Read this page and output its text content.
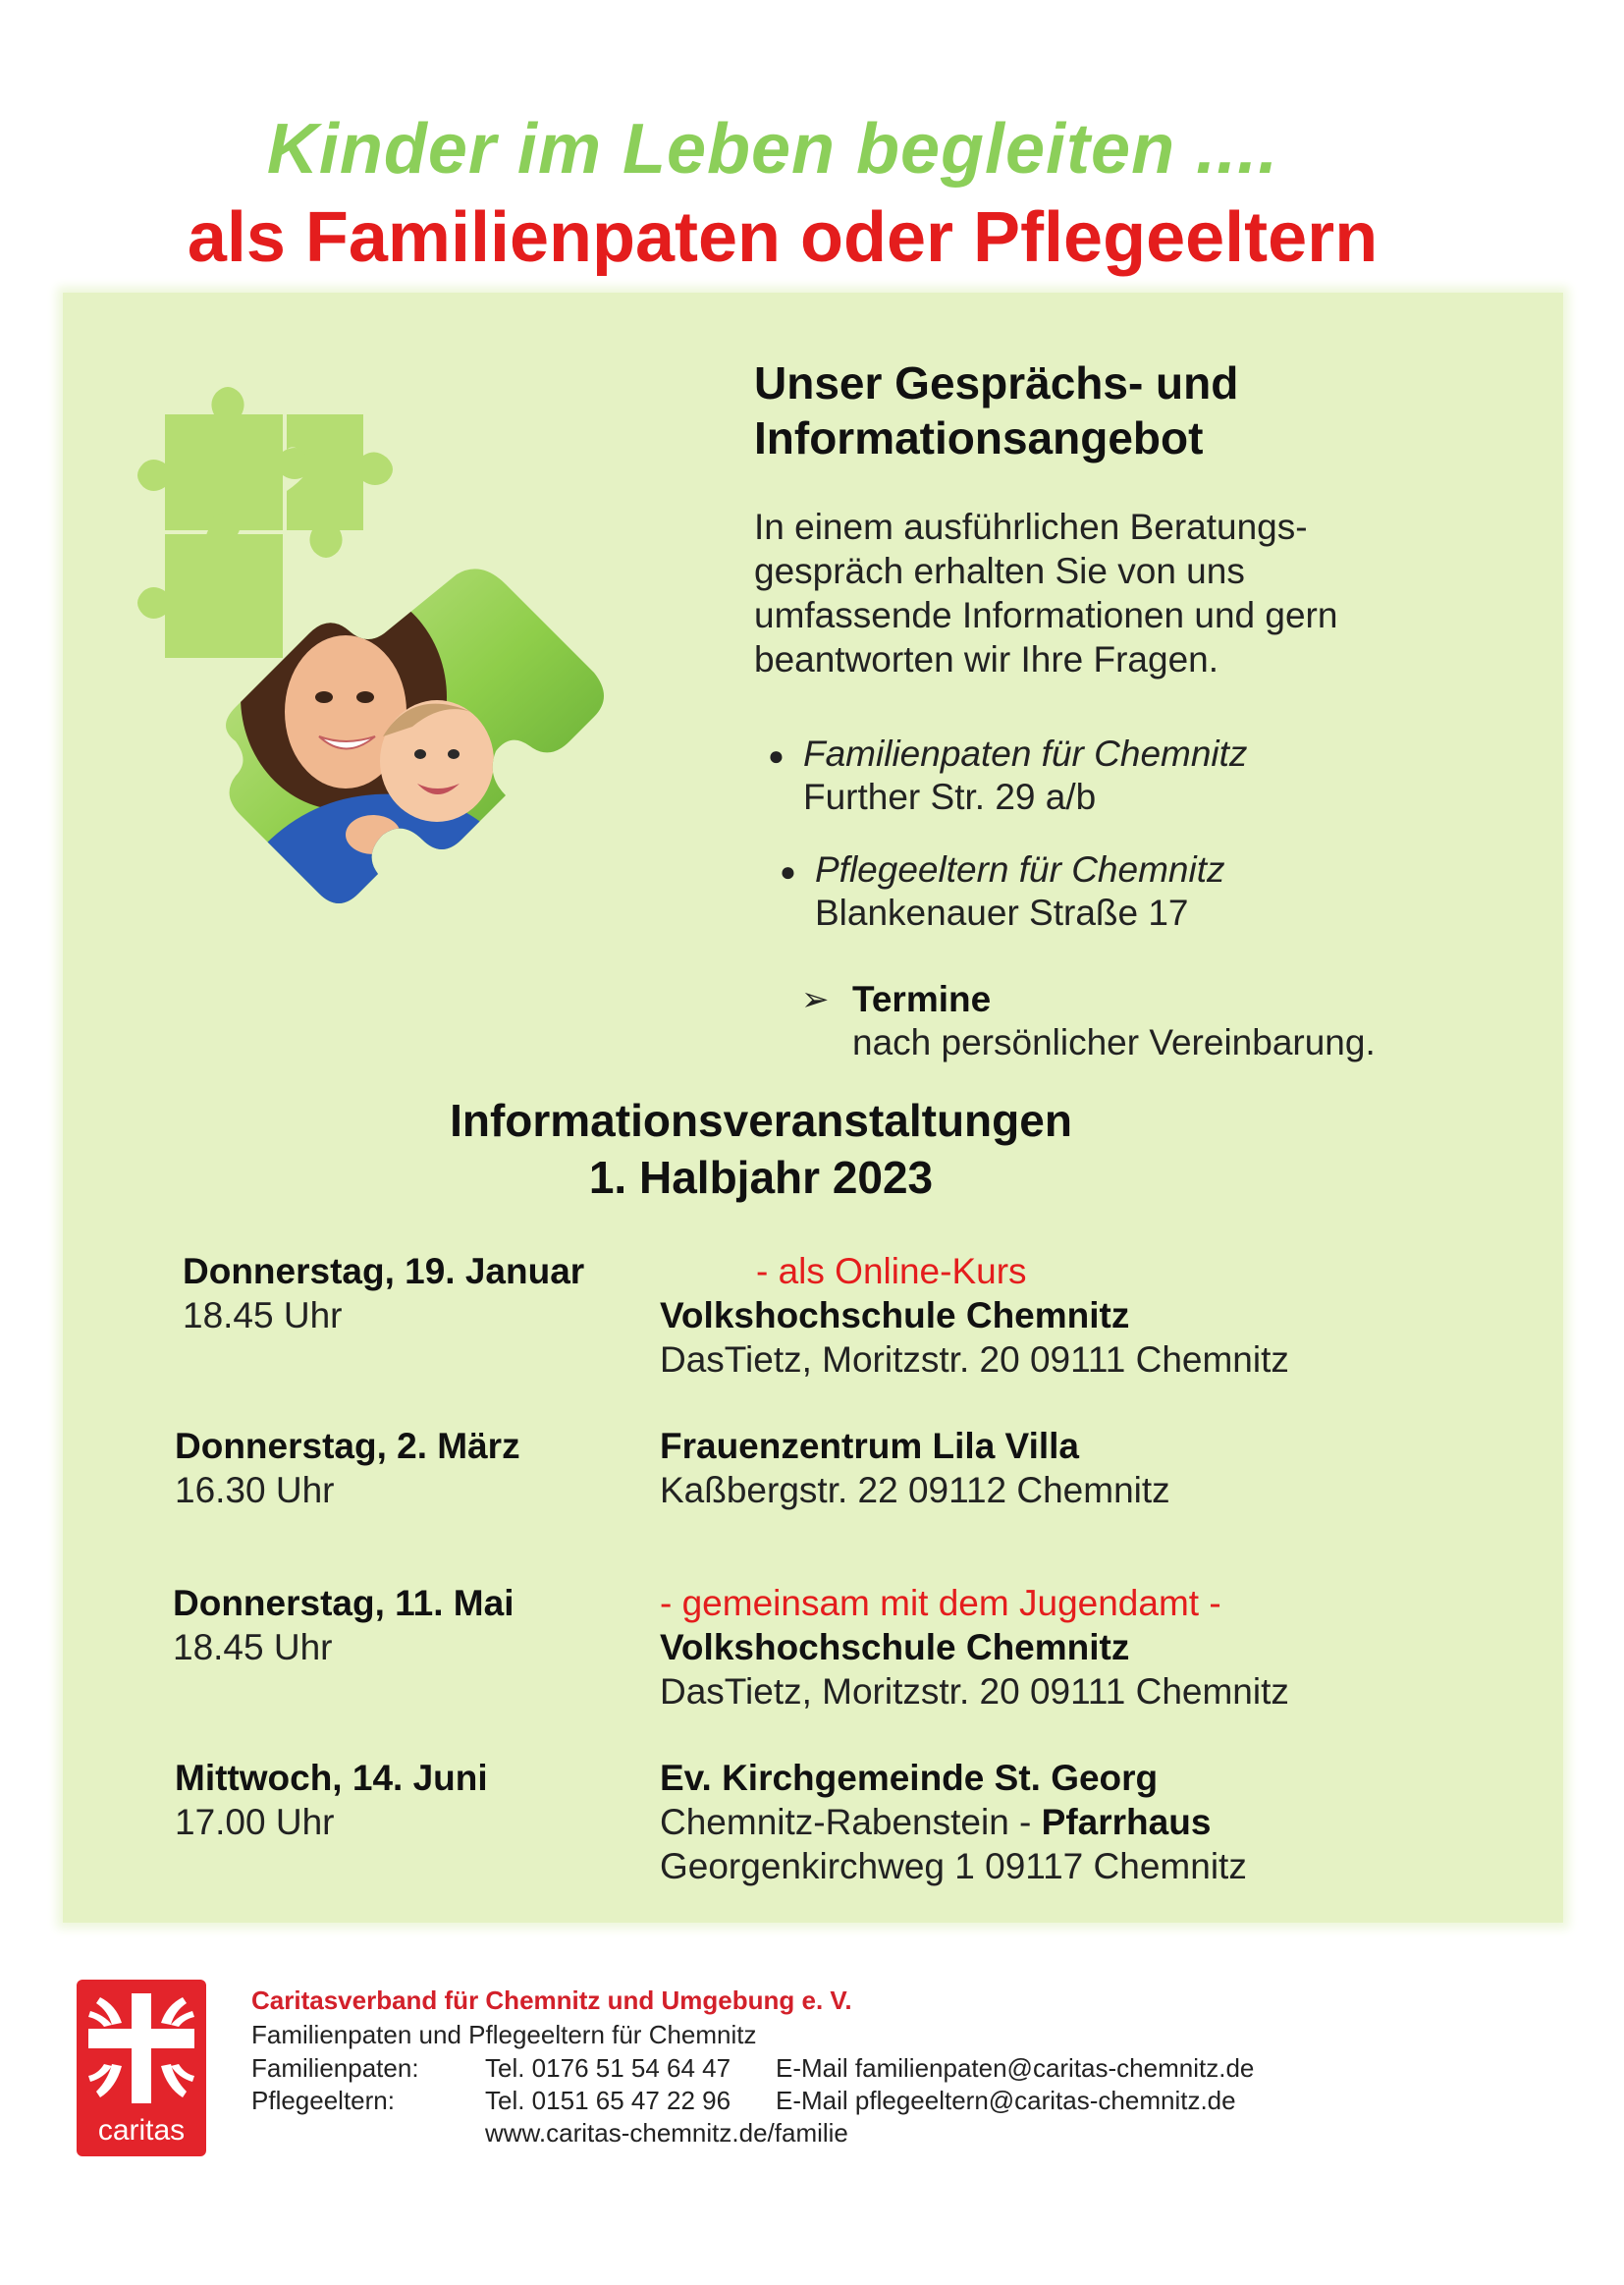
Kinder im Leben begleiten ....
als Familienpaten oder Pflegeeltern
Unser Gesprächs- und
Informationsangebot
In einem ausführlichen Beratungs-
gespräch erhalten Sie von uns
umfassende Informationen und gern
beantworten wir Ihre Fragen.
● Familienpaten für Chemnitz
Further Str. 29 a/b
● Pflegeeltern für Chemnitz
Blankenauer Straße 17
➢ Termine
nach persönlicher Vereinbarung.
Informationsveranstaltungen
1. Halbjahr 2023
Donnerstag, 19. Januar
18.45 Uhr
- als Online-Kurs
Volkshochschule Chemnitz
DasTietz, Moritzstr. 20 09111 Chemnitz
Donnerstag, 2. März
16.30 Uhr
Frauenzentrum Lila Villa
Kaßbergstr. 22 09112 Chemnitz
Donnerstag, 11. Mai
18.45 Uhr
- gemeinsam mit dem Jugendamt -
Volkshochschule Chemnitz
DasTietz, Moritzstr. 20 09111 Chemnitz
Mittwoch, 14. Juni
17.00 Uhr
Ev. Kirchgemeinde St. Georg
Chemnitz-Rabenstein - Pfarrhaus
Georgenkirchweg 1 09117 Chemnitz
caritas
Caritasverband für Chemnitz und Umgebung e. V.
Familienpaten und Pflegeeltern für Chemnitz
Familienpaten:	Tel. 0176 51 54 64 47 E-Mail familienpaten@caritas-chemnitz.de
Pflegeeltern:	Tel. 0151 65 47 22 96 E-Mail pflegeeltern@caritas-chemnitz.de
www.caritas-chemnitz.de/familie
